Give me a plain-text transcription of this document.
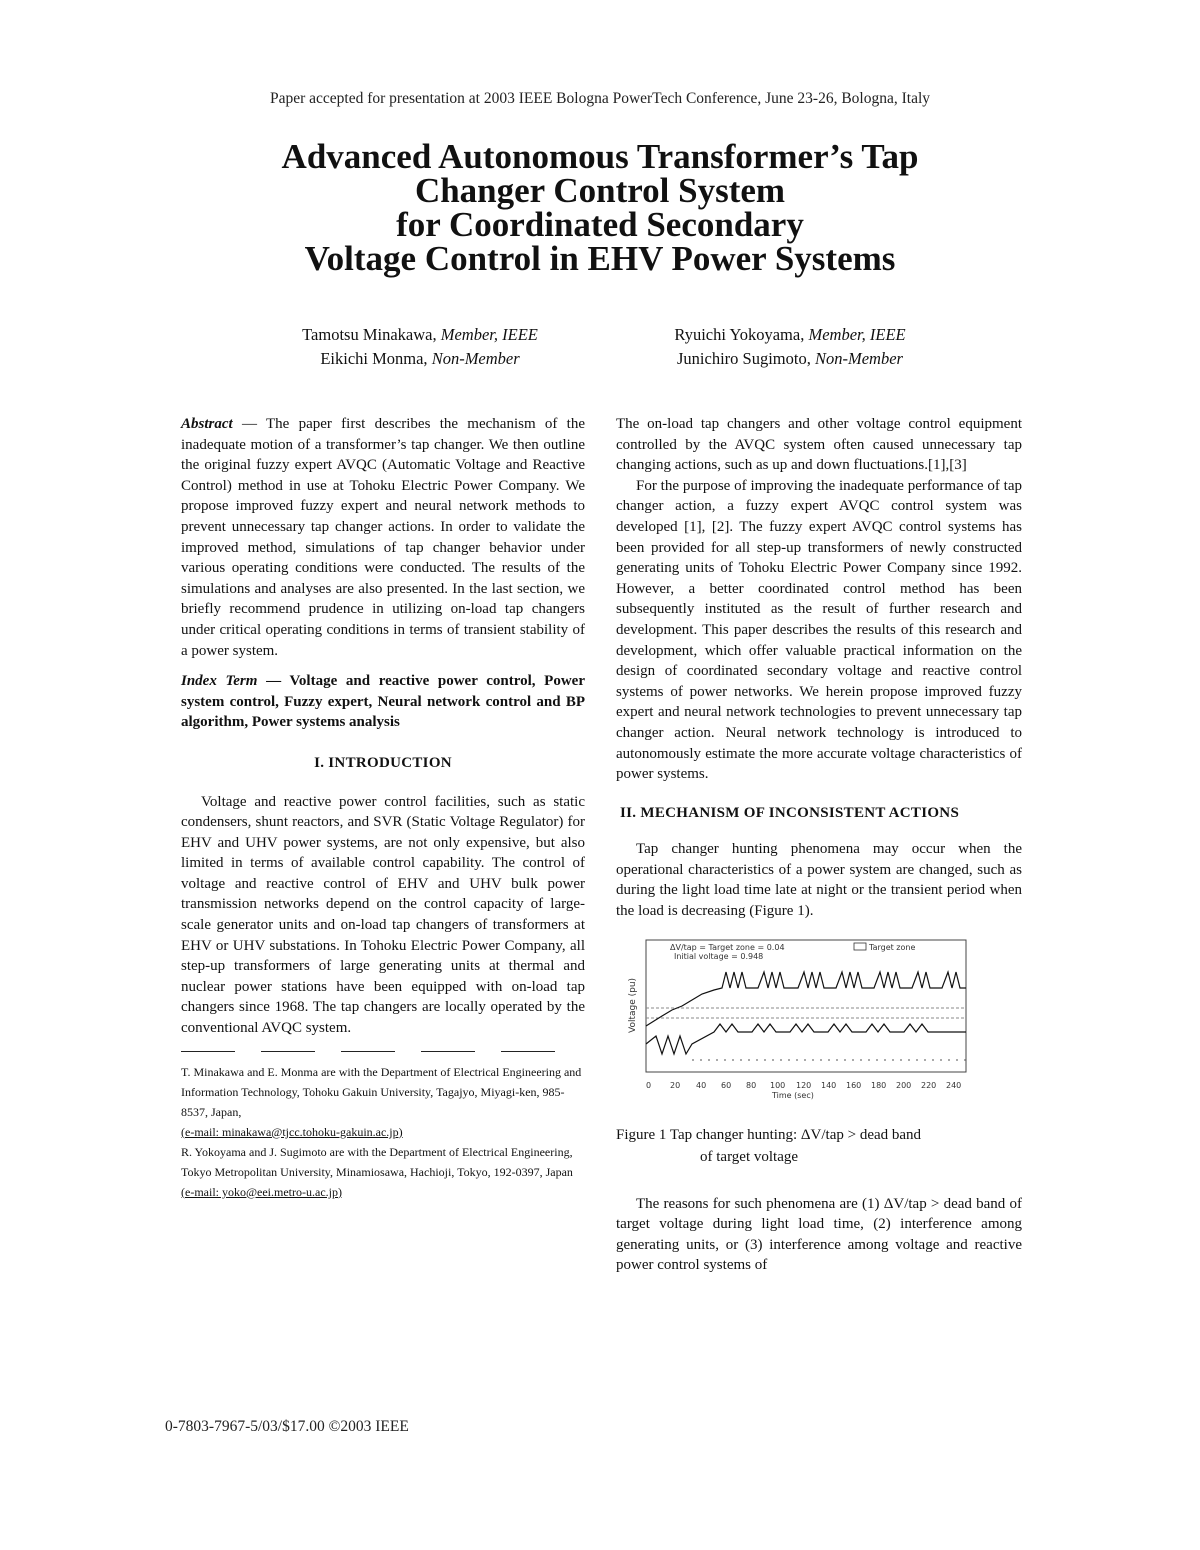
Paper accepted for presentation at 2003 IEEE Bologna PowerTech Conference, June 23-26, Bologna, Italy
Advanced Autonomous Transformer’s Tap
Changer Control System
for Coordinated Secondary
Voltage Control in EHV Power Systems
Tamotsu Minakawa, Member, IEEE
Eikichi Monma, Non-Member
Ryuichi Yokoyama, Member, IEEE
Junichiro Sugimoto, Non-Member

Abstract — The paper first describes the mechanism of the inadequate motion of a transformer’s tap changer. We then outline the original fuzzy expert AVQC (Automatic Voltage and Reactive Control) method in use at Tohoku Electric Power Company. We propose improved fuzzy expert and neural network methods to prevent unnecessary tap changer actions. In order to validate the improved method, simulations of tap changer behavior under various operating conditions were conducted. The results of the simulations and analyses are also presented. In the last section, we briefly recommend prudence in utilizing on-load tap changers under critical operating conditions in terms of transient stability of a power system.

Index Term — Voltage and reactive power control, Power system control, Fuzzy expert, Neural network control and BP algorithm, Power systems analysis

I. INTRODUCTION

Voltage and reactive power control facilities, such as static condensers, shunt reactors, and SVR (Static Voltage Regulator) for EHV and UHV power systems, are not only expensive, but also limited in terms of available control capability. The control of voltage and reactive control of EHV and UHV bulk power transmission networks depend on the control capacity of large-scale generator units and on-load tap changers of transformers at EHV or UHV substations. In Tohoku Electric Power Company, all step-up transformers of large generating units at thermal and nuclear power stations have been equipped with on-load tap changers since 1968. The tap changers are locally operated by the conventional AVQC system.

T. Minakawa and E. Monma are with the Department of Electrical Engineering and Information Technology, Tohoku Gakuin University, Tagajyo, Miyagi-ken, 985-8537, Japan,
(e-mail: minakawa@tjcc.tohoku-gakuin.ac.jp)
R. Yokoyama and J. Sugimoto are with the Department of Electrical Engineering, Tokyo Metropolitan University, Minamiosawa, Hachioji, Tokyo, 192-0397, Japan
(e-mail: yoko@eei.metro-u.ac.jp)

The on-load tap changers and other voltage control equipment controlled by the AVQC system often caused unnecessary tap changing actions, such as up and down fluctuations.[1],[3]

For the purpose of improving the inadequate performance of tap changer action, a fuzzy expert AVQC control system was developed [1], [2]. The fuzzy expert AVQC control systems has been provided for all step-up transformers of newly constructed generating units of Tohoku Electric Power Company since 1992. However, a better coordinated control method has been subsequently instituted as the result of further research and development. This paper describes the results of this research and development, which offer valuable practical information on the design of coordinated secondary voltage and reactive control systems of power networks. We herein propose improved fuzzy expert and neural network technologies to prevent unnecessary tap changer action. Neural network technology is introduced to autonomously estimate the more accurate voltage characteristics of power systems.

II. MECHANISM OF INCONSISTENT ACTIONS

Tap changer hunting phenomena may occur when the operational characteristics of a power system are changed, such as during the light load time late at night or the transient period when the load is decreasing (Figure 1).

Voltage (pu)
ΔV/tap = Target zone = 0.04
Initial voltage = 0.948
Target zone
0 20 40 60 80 100 120 140 160 180 200 220 240
Time (sec)
Figure 1 Tap changer hunting: ΔV/tap > dead band
of target voltage

The reasons for such phenomena are (1) ΔV/tap > dead band of target voltage during light load time, (2) interference among generating units, or (3) interference among voltage and reactive power control systems of

0-7803-7967-5/03/$17.00 ©2003 IEEE
